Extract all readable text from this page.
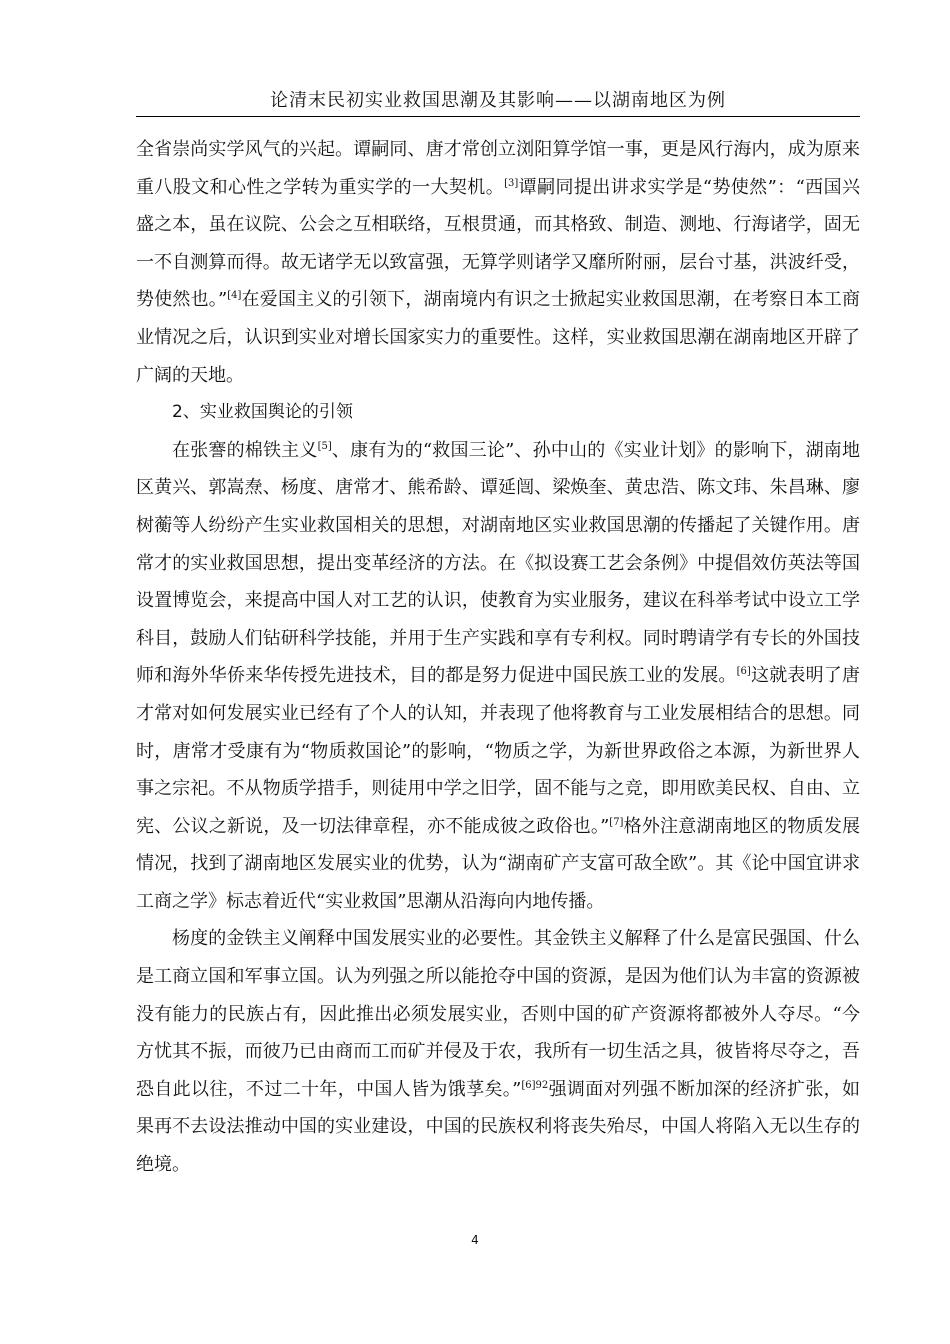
论清末民初实业救国思潮及其影响——以湖南地区为例

全省崇尚实学风气的兴起。谭嗣同、唐才常创立浏阳算学馆一事，更是风行海内，成为原来重八股文和心性之学转为重实学的一大契机。[3]谭嗣同提出讲求实学是“势使然”：“西国兴盛之本，虽在议院、公会之互相联络，互根贯通，而其格致、制造、测地、行海诸学，固无一不自测算而得。故无诸学无以致富强，无算学则诸学又靡所附丽，层台寸基，洪波纤受，势使然也。”[4]在爱国主义的引领下，湖南境内有识之士掀起实业救国思潮，在考察日本工商业情况之后，认识到实业对增长国家实力的重要性。这样，实业救国思潮在湖南地区开辟了广阔的天地。

2、实业救国舆论的引领

在张謇的棉铁主义[5]、康有为的“救国三论”、孙中山的《实业计划》的影响下，湖南地区黄兴、郭嵩焘、杨度、唐常才、熊希龄、谭延闿、梁焕奎、黄忠浩、陈文玮、朱昌琳、廖树蘅等人纷纷产生实业救国相关的思想，对湖南地区实业救国思潮的传播起了关键作用。唐常才的实业救国思想，提出变革经济的方法。在《拟设赛工艺会条例》中提倡效仿英法等国设置博览会，来提高中国人对工艺的认识，使教育为实业服务，建议在科举考试中设立工学科目，鼓励人们钻研科学技能，并用于生产实践和享有专利权。同时聘请学有专长的外国技师和海外华侨来华传授先进技术，目的都是努力促进中国民族工业的发展。[6]这就表明了唐才常对如何发展实业已经有了个人的认知，并表现了他将教育与工业发展相结合的思想。同时，唐常才受康有为“物质救国论”的影响，“物质之学，为新世界政俗之本源，为新世界人事之宗祀。不从物质学措手，则徒用中学之旧学，固不能与之竞，即用欧美民权、自由、立宪、公议之新说，及一切法律章程，亦不能成彼之政俗也。”[7]格外注意湖南地区的物质发展情况，找到了湖南地区发展实业的优势，认为“湖南矿产支富可敌全欧”。其《论中国宜讲求工商之学》标志着近代“实业救国”思潮从沿海向内地传播。

杨度的金铁主义阐释中国发展实业的必要性。其金铁主义解释了什么是富民强国、什么是工商立国和军事立国。认为列强之所以能抢夺中国的资源，是因为他们认为丰富的资源被没有能力的民族占有，因此推出必须发展实业，否则中国的矿产资源将都被外人夺尽。“今方忧其不振，而彼乃已由商而工而矿并侵及于农，我所有一切生活之具，彼皆将尽夺之，吾恐自此以往，不过二十年，中国人皆为饿莩矣。”$^{[6]92}$强调面对列强不断加深的经济扩张，如果再不去设法推动中国的实业建设，中国的民族权利将丧失殆尽，中国人将陷入无以生存的绝境。

4
